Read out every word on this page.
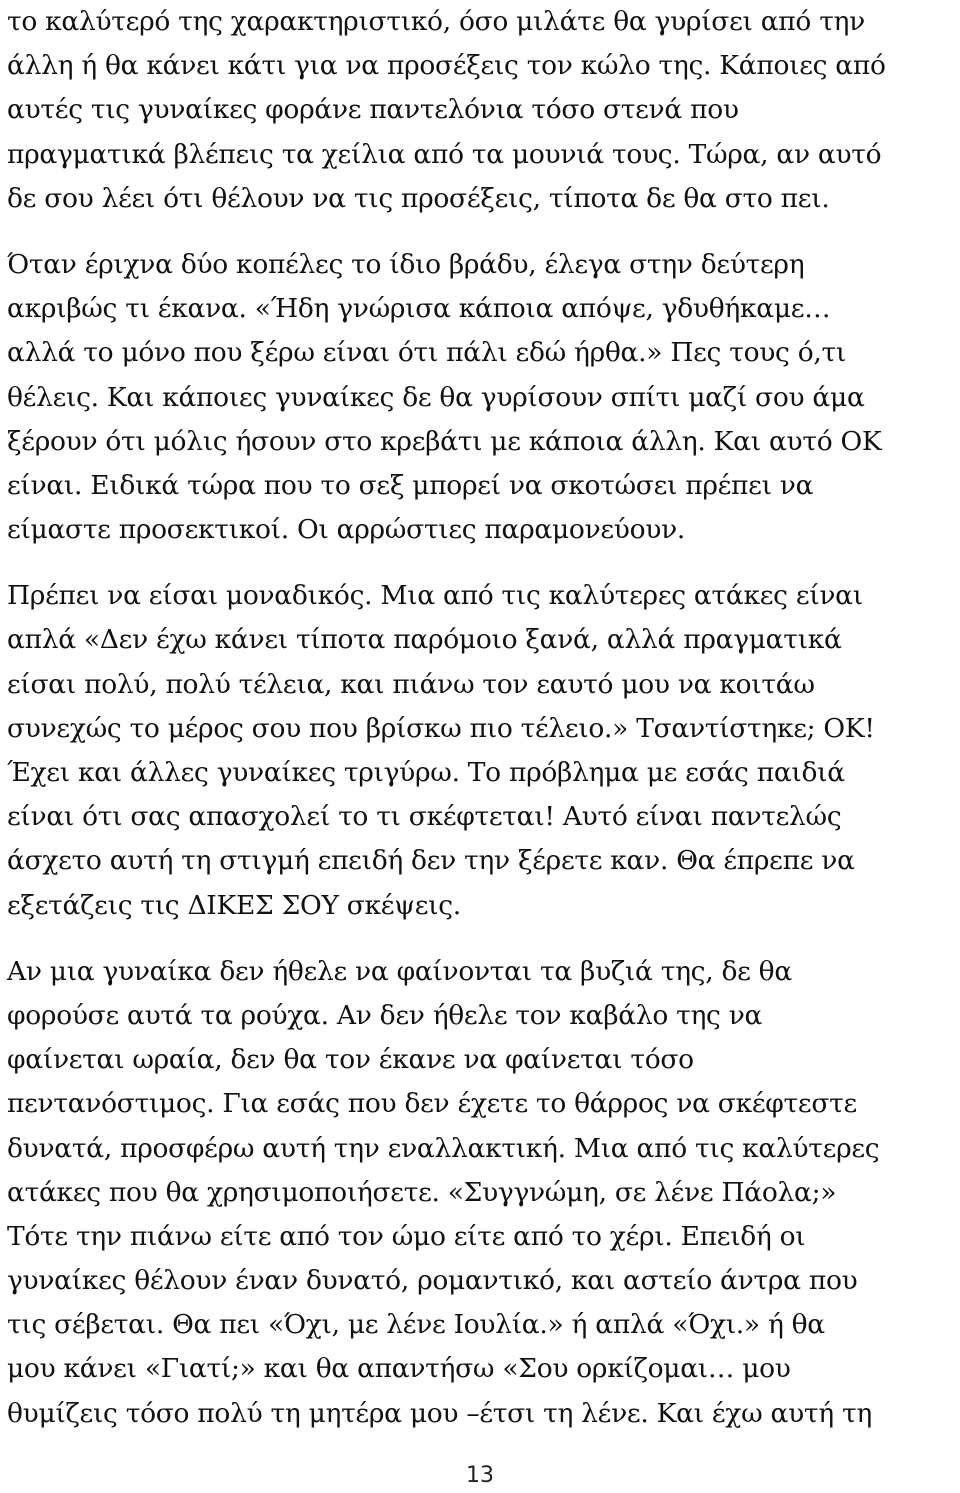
το καλύτερό της χαρακτηριστικό, όσο μιλάτε θα γυρίσει από την
άλλη ή θα κάνει κάτι για να προσέξεις τον κώλο της. Κάποιες από
αυτές τις γυναίκες φοράνε παντελόνια τόσο στενά που
πραγματικά βλέπεις τα χείλια από τα μουνιά τους. Τώρα, αν αυτό
δε σου λέει ότι θέλουν να τις προσέξεις, τίποτα δε θα στο πει.
Όταν έριχνα δύο κοπέλες το ίδιο βράδυ, έλεγα στην δεύτερη
ακριβώς τι έκανα. «Ήδη γνώρισα κάποια απόψε, γδυθήκαμε…
αλλά το μόνο που ξέρω είναι ότι πάλι εδώ ήρθα.» Πες τους ό,τι
θέλεις. Και κάποιες γυναίκες δε θα γυρίσουν σπίτι μαζί σου άμα
ξέρουν ότι μόλις ήσουν στο κρεβάτι με κάποια άλλη. Και αυτό ΟΚ
είναι. Ειδικά τώρα που το σεξ μπορεί να σκοτώσει πρέπει να
είμαστε προσεκτικοί. Οι αρρώστιες παραμονεύουν.
Πρέπει να είσαι μοναδικός. Μια από τις καλύτερες ατάκες είναι
απλά «Δεν έχω κάνει τίποτα παρόμοιο ξανά, αλλά πραγματικά
είσαι πολύ, πολύ τέλεια, και πιάνω τον εαυτό μου να κοιτάω
συνεχώς το μέρος σου που βρίσκω πιο τέλειο.» Τσαντίστηκε; ΟΚ!
Έχει και άλλες γυναίκες τριγύρω. Το πρόβλημα με εσάς παιδιά
είναι ότι σας απασχολεί το τι σκέφτεται! Αυτό είναι παντελώς
άσχετο αυτή τη στιγμή επειδή δεν την ξέρετε καν. Θα έπρεπε να
εξετάζεις τις ΔΙΚΕΣ ΣΟΥ σκέψεις.
Αν μια γυναίκα δεν ήθελε να φαίνονται τα βυζιά της, δε θα
φορούσε αυτά τα ρούχα. Αν δεν ήθελε τον καβάλο της να
φαίνεται ωραία, δεν θα τον έκανε να φαίνεται τόσο
πεντανόστιμος. Για εσάς που δεν έχετε το θάρρος να σκέφτεστε
δυνατά, προσφέρω αυτή την εναλλακτική. Μια από τις καλύτερες
ατάκες που θα χρησιμοποιήσετε. «Συγγνώμη, σε λένε Πάολα;»
Τότε την πιάνω είτε από τον ώμο είτε από το χέρι. Επειδή οι
γυναίκες θέλουν έναν δυνατό, ρομαντικό, και αστείο άντρα που
τις σέβεται. Θα πει «Όχι, με λένε Ιουλία.» ή απλά «Όχι.» ή θα
μου κάνει «Γιατί;» και θα απαντήσω «Σου ορκίζομαι… μου
θυμίζεις τόσο πολύ τη μητέρα μου –έτσι τη λένε. Και έχω αυτή τη
13
